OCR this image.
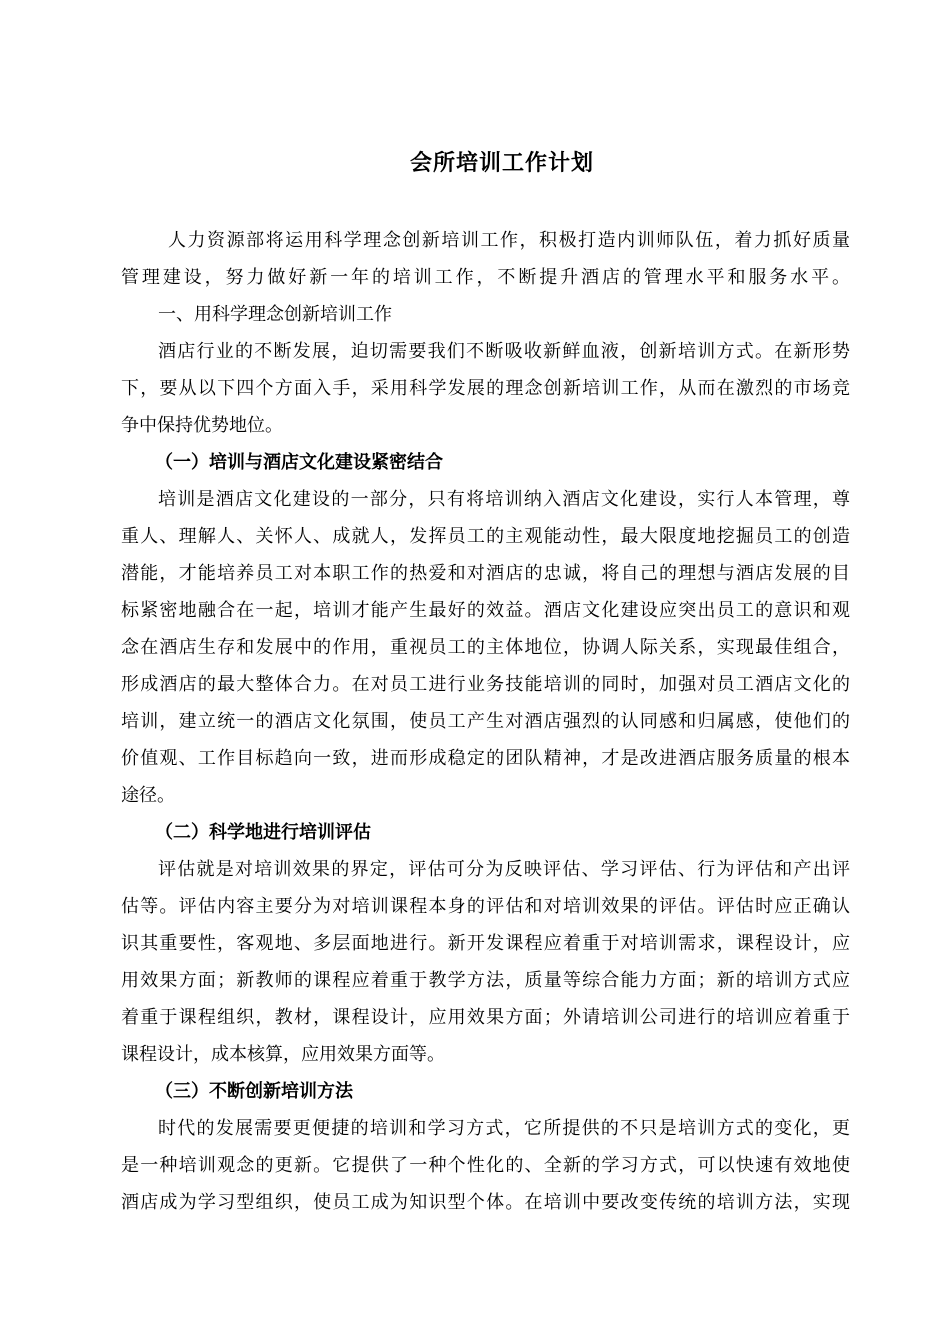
会所培训工作计划
人力资源部将运用科学理念创新培训工作，积极打造内训师队伍，着力抓好质量
管理建设，努力做好新一年的培训工作，不断提升酒店的管理水平和服务水平。
一、用科学理念创新培训工作
酒店行业的不断发展，迫切需要我们不断吸收新鲜血液，创新培训方式。在新形势
下，要从以下四个方面入手，采用科学发展的理念创新培训工作，从而在激烈的市场竞
争中保持优势地位。
（一）培训与酒店文化建设紧密结合
培训是酒店文化建设的一部分，只有将培训纳入酒店文化建设，实行人本管理，尊
重人、理解人、关怀人、成就人，发挥员工的主观能动性，最大限度地挖掘员工的创造
潜能，才能培养员工对本职工作的热爱和对酒店的忠诚，将自己的理想与酒店发展的目
标紧密地融合在一起，培训才能产生最好的效益。酒店文化建设应突出员工的意识和观
念在酒店生存和发展中的作用，重视员工的主体地位，协调人际关系，实现最佳组合，
形成酒店的最大整体合力。在对员工进行业务技能培训的同时，加强对员工酒店文化的
培训，建立统一的酒店文化氛围，使员工产生对酒店强烈的认同感和归属感，使他们的
价值观、工作目标趋向一致，进而形成稳定的团队精神，才是改进酒店服务质量的根本
途径。
（二）科学地进行培训评估
评估就是对培训效果的界定，评估可分为反映评估、学习评估、行为评估和产出评
估等。评估内容主要分为对培训课程本身的评估和对培训效果的评估。评估时应正确认
识其重要性，客观地、多层面地进行。新开发课程应着重于对培训需求，课程设计，应
用效果方面；新教师的课程应着重于教学方法，质量等综合能力方面；新的培训方式应
着重于课程组织，教材，课程设计，应用效果方面；外请培训公司进行的培训应着重于
课程设计，成本核算，应用效果方面等。
（三）不断创新培训方法
时代的发展需要更便捷的培训和学习方式，它所提供的不只是培训方式的变化，更
是一种培训观念的更新。它提供了一种个性化的、全新的学习方式，可以快速有效地使
酒店成为学习型组织，使员工成为知识型个体。在培训中要改变传统的培训方法，实现
